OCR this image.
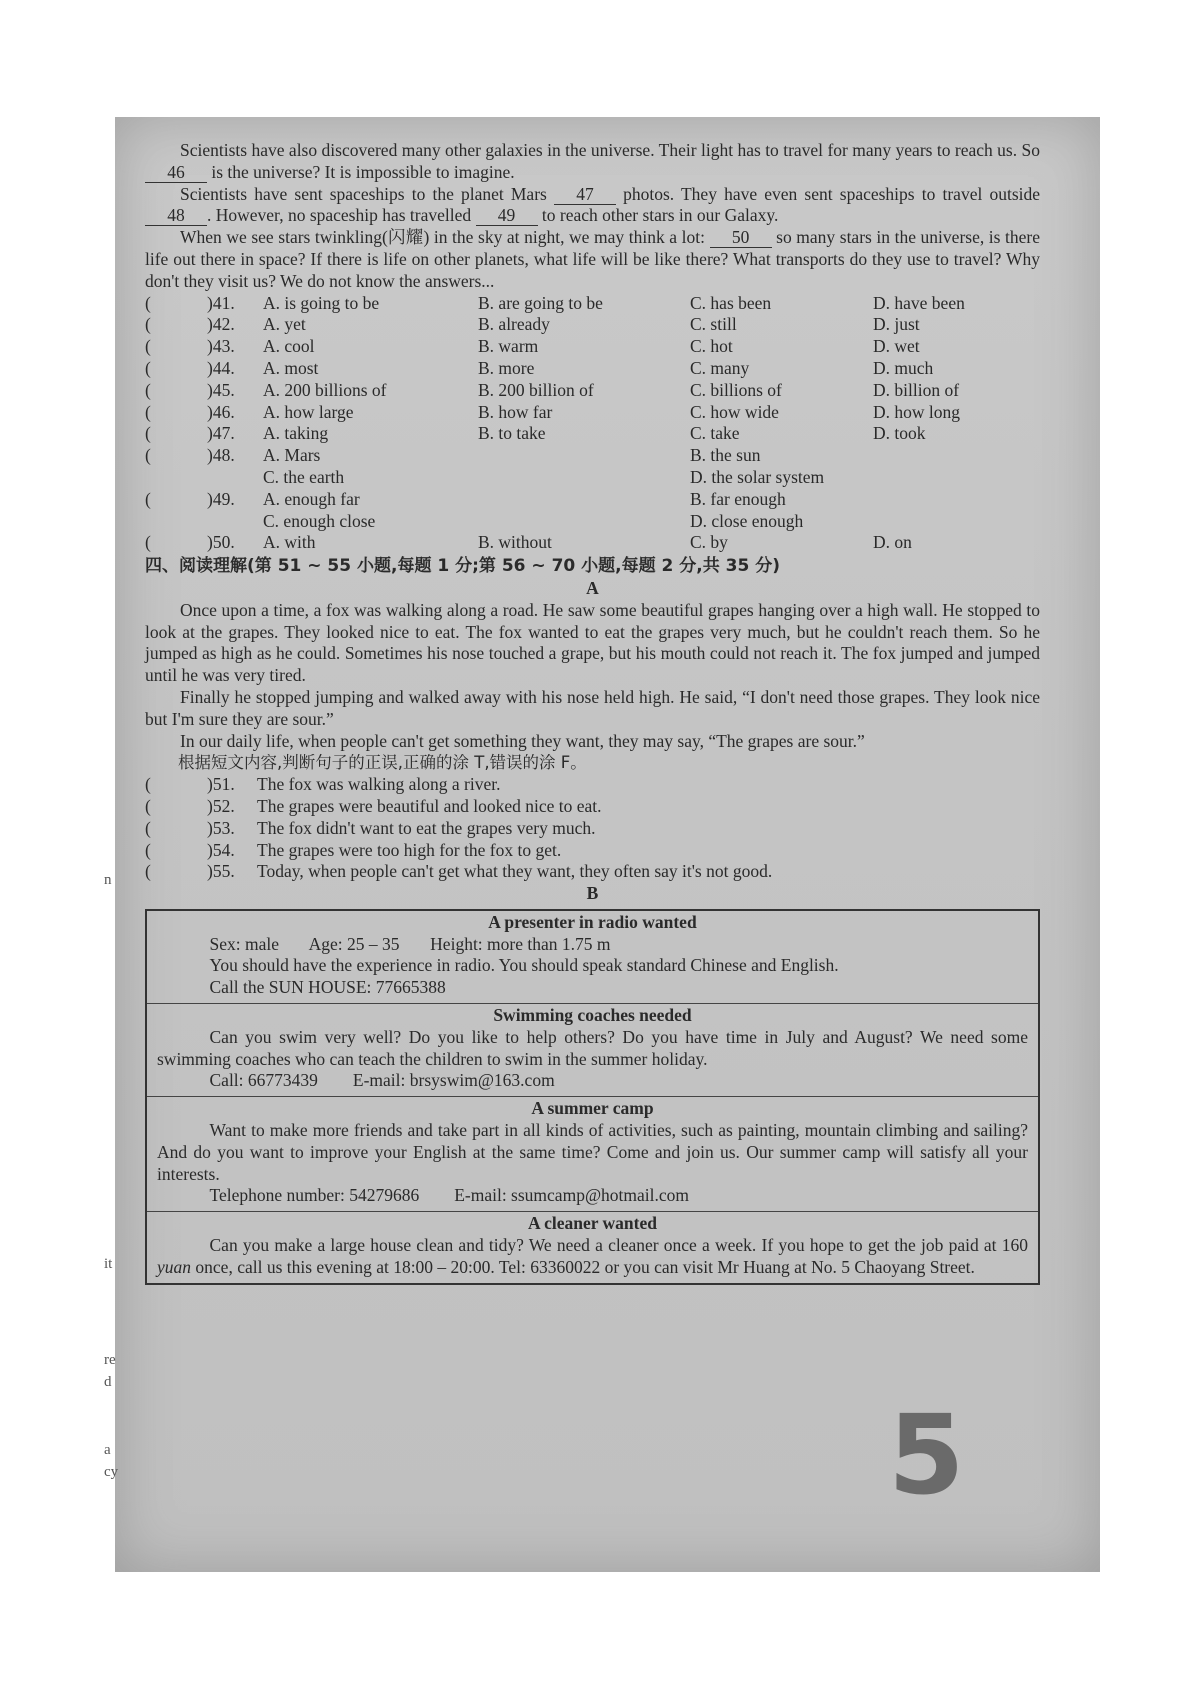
n
it
re
d
a
cy

Scientists have also discovered many other galaxies in the universe. Their light has to travel for many years to reach us. So 46 is the universe? It is impossible to imagine.

Scientists have sent spaceships to the planet Mars 47 photos. They have even sent spaceships to travel outside 48 . However, no spaceship has travelled 49 to reach other stars in our Galaxy.

When we see stars twinkling(闪耀) in the sky at night, we may think a lot: 50 so many stars in the universe, is there life out there in space? If there is life on other planets, what life will be like there? What transports do they use to travel? Why don't they visit us? We do not know the answers...

(	)41. A. is going to be	B. are going to be	C. has been	D. have been
(	)42. A. yet	B. already	C. still	D. just
(	)43. A. cool	B. warm	C. hot	D. wet
(	)44. A. most	B. more	C. many	D. much
(	)45. A. 200 billions of	B. 200 billion of	C. billions of	D. billion of
(	)46. A. how large	B. how far	C. how wide	D. how long
(	)47. A. taking	B. to take	C. take	D. took
(	)48. A. Mars	B. the sun
C. the earth	D. the solar system
(	)49. A. enough far	B. far enough
C. enough close	D. close enough
(	)50. A. with	B. without	C. by	D. on

四、阅读理解(第 51 ~ 55 小题,每题 1 分;第 56 ~ 70 小题,每题 2 分,共 35 分)

A

Once upon a time, a fox was walking along a road. He saw some beautiful grapes hanging over a high wall. He stopped to look at the grapes. They looked nice to eat. The fox wanted to eat the grapes very much, but he couldn't reach them. So he jumped as high as he could. Sometimes his nose touched a grape, but his mouth could not reach it. The fox jumped and jumped until he was very tired.

Finally he stopped jumping and walked away with his nose held high. He said, “I don't need those grapes. They look nice but I'm sure they are sour.”

In our daily life, when people can't get something they want, they may say, “The grapes are sour.”

根据短文内容,判断句子的正误,正确的涂 T,错误的涂 F。

(	)51. The fox was walking along a river.
(	)52. The grapes were beautiful and looked nice to eat.
(	)53. The fox didn't want to eat the grapes very much.
(	)54. The grapes were too high for the fox to get.
(	)55. Today, when people can't get what they want, they often say it's not good.

B

A presenter in radio wanted

Sex: male       Age: 25 – 35       Height: more than 1.75 m

You should have the experience in radio. You should speak standard Chinese and English.

Call the SUN HOUSE: 77665388

Swimming coaches needed

Can you swim very well? Do you like to help others? Do you have time in July and August? We need some swimming coaches who can teach the children to swim in the summer holiday.

Call: 66773439        E-mail: brsyswim@163.com

A summer camp

Want to make more friends and take part in all kinds of activities, such as painting, mountain climbing and sailing? And do you want to improve your English at the same time? Come and join us. Our summer camp will satisfy all your interests.

Telephone number: 54279686        E-mail: ssumcamp@hotmail.com

A cleaner wanted

Can you make a large house clean and tidy? We need a cleaner once a week. If you hope to get the job paid at 160 yuan once, call us this evening at 18:00 – 20:00. Tel: 63360022 or you can visit Mr Huang at No. 5 Chaoyang Street.

5
